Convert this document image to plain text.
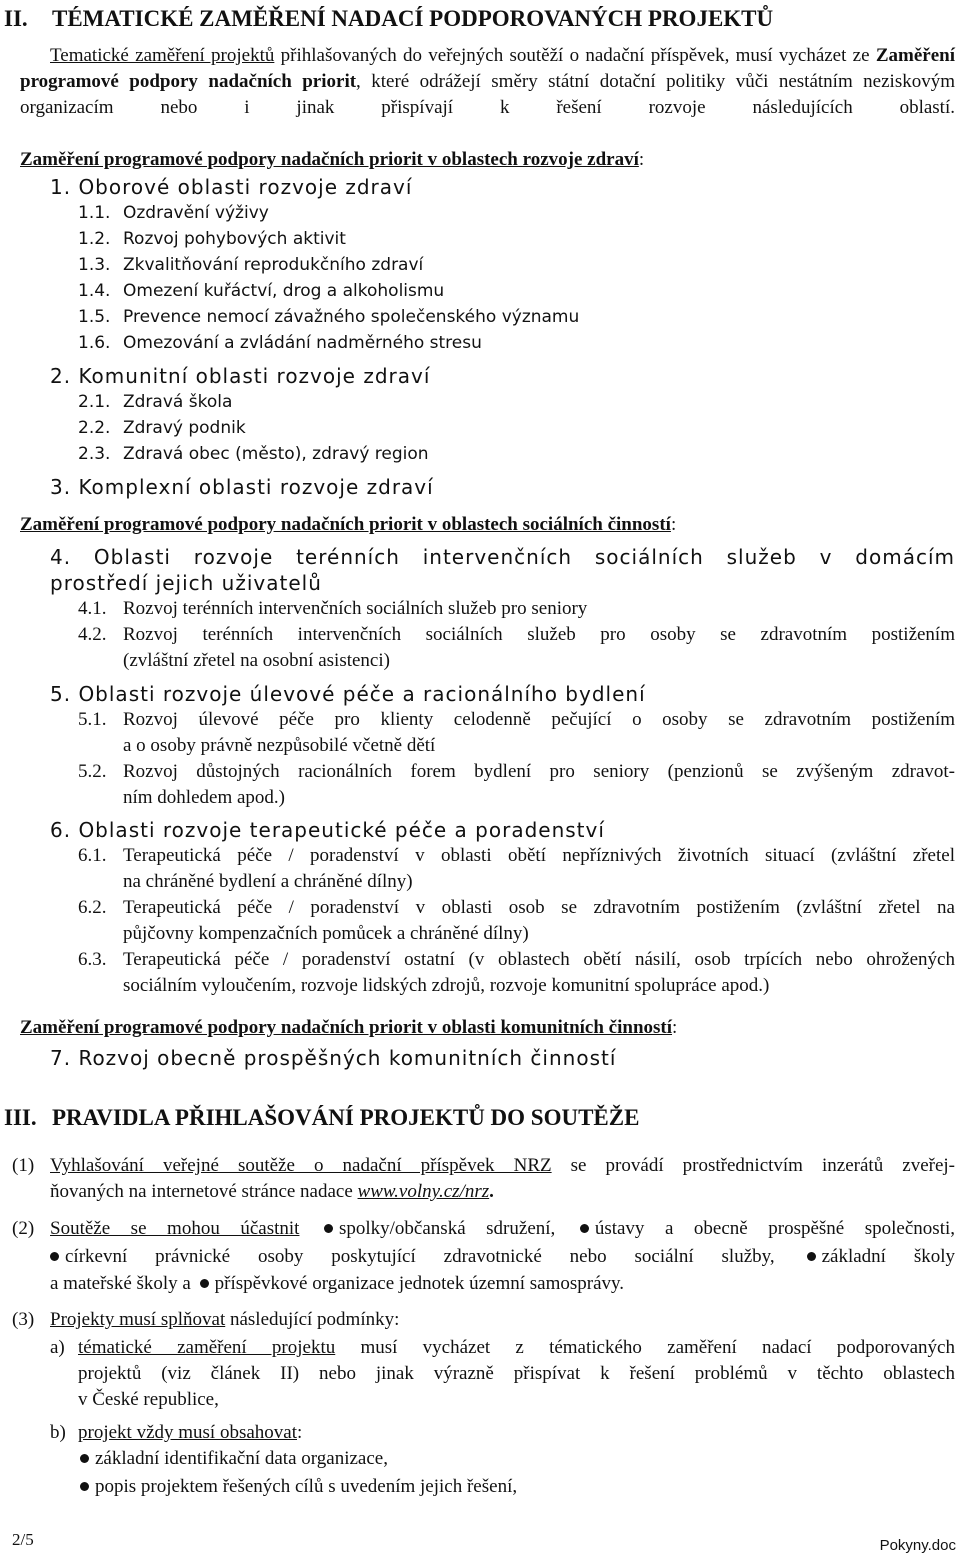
II. TÉMATICKÉ ZAMĚŘENÍ NADACÍ PODPOROVANÝCH PROJEKTŮ
Tematické zaměření projektů přihlašovaných do veřejných soutěží o nadační příspěvek, musí vycházet ze Zaměření programové podpory nadačních priorit, které odrážejí směry státní dotační politiky vůči nestátním neziskovým organizacím nebo i jinak přispívají k řešení rozvoje následujících oblastí.
Zaměření programové podpory nadačních priorit v oblastech rozvoje zdraví:
1. Oborové oblasti rozvoje zdraví
1.1. Ozdravění výživy
1.2. Rozvoj pohybových aktivit
1.3. Zkvalitňování reprodukčního zdraví
1.4. Omezení kuřáctví, drog a alkoholismu
1.5. Prevence nemocí závažného společenského významu
1.6. Omezování a zvládání nadměrného stresu
2. Komunitní oblasti rozvoje zdraví
2.1. Zdravá škola
2.2. Zdravý podnik
2.3. Zdravá obec (město), zdravý region
3. Komplexní oblasti rozvoje zdraví
Zaměření programové podpory nadačních priorit v oblastech sociálních činností:
4. Oblasti rozvoje terénních intervenčních sociálních služeb v domácím
prostředí jejich uživatelů
4.1. Rozvoj terénních intervenčních sociálních služeb pro seniory
4.2. Rozvoj terénních intervenčních sociálních služeb pro osoby se zdravotním postižením
(zvláštní zřetel na osobní asistenci)
5. Oblasti rozvoje úlevové péče a racionálního bydlení
5.1. Rozvoj úlevové péče pro klienty celodenně pečující o osoby se zdravotním postižením
a o osoby právně nezpůsobilé včetně dětí
5.2. Rozvoj důstojných racionálních forem bydlení pro seniory (penzionů se zvýšeným zdravot-
ním dohledem apod.)
6. Oblasti rozvoje terapeutické péče a poradenství
6.1. Terapeutická péče / poradenství v oblasti obětí nepříznivých životních situací (zvláštní zřetel
na chráněné bydlení a chráněné dílny)
6.2. Terapeutická péče / poradenství v oblasti osob se zdravotním postižením (zvláštní zřetel na
půjčovny kompenzačních pomůcek a chráněné dílny)
6.3. Terapeutická péče / poradenství ostatní (v oblastech obětí násilí, osob trpících nebo ohrožených
sociálním vyloučením, rozvoje lidských zdrojů, rozvoje komunitní spolupráce apod.)
Zaměření programové podpory nadačních priorit v oblasti komunitních činností:
7. Rozvoj obecně prospěšných komunitních činností
III. PRAVIDLA PŘIHLAŠOVÁNÍ PROJEKTŮ DO SOUTĚŽE
(1) Vyhlašování veřejné soutěže o nadační příspěvek NRZ se provádí prostřednictvím inzerátů zveřej-
ňovaných na internetové stránce nadace www.volny.cz/nrz.
(2) Soutěže se mohou účastnit spolky/občanská sdružení, ústavy a obecně prospěšné společnosti,
církevní právnické osoby poskytující zdravotnické nebo sociální služby, základní školy
a mateřské školy a příspěvkové organizace jednotek územní samosprávy.
(3) Projekty musí splňovat následující podmínky:
a) tématické zaměření projektu musí vycházet z tématického zaměření nadací podporovaných
projektů (viz článek II) nebo jinak výrazně přispívat k řešení problémů v těchto oblastech
v České republice,
b) projekt vždy musí obsahovat:
základní identifikační data organizace,
popis projektem řešených cílů s uvedením jejich řešení,
2/5	Pokyny.doc
